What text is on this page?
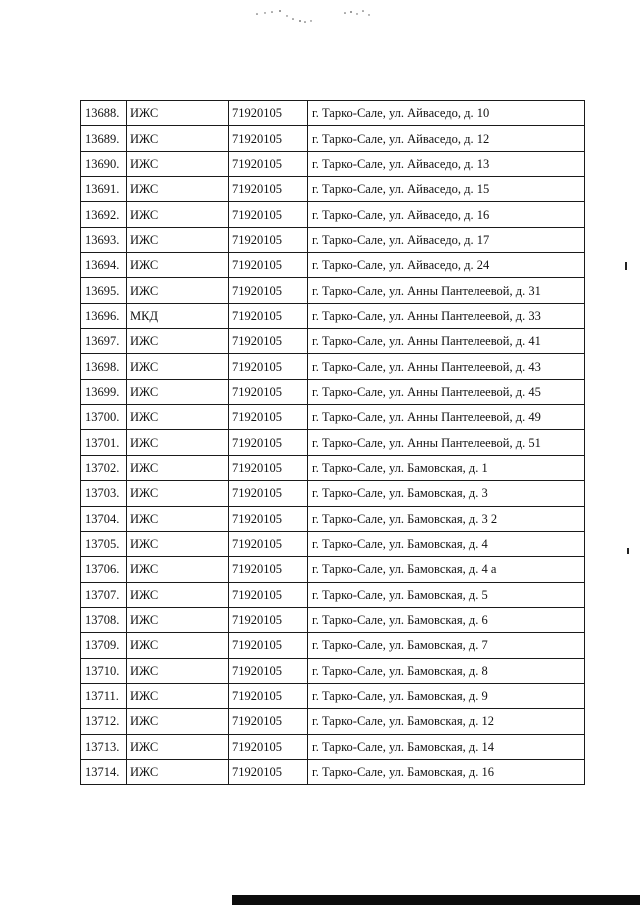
13688.	ИЖС	71920105	г. Тарко-Сале, ул. Айваседо, д. 10
13689.	ИЖС	71920105	г. Тарко-Сале, ул. Айваседо, д. 12
13690.	ИЖС	71920105	г. Тарко-Сале, ул. Айваседо, д. 13
13691.	ИЖС	71920105	г. Тарко-Сале, ул. Айваседо, д. 15
13692.	ИЖС	71920105	г. Тарко-Сале, ул. Айваседо, д. 16
13693.	ИЖС	71920105	г. Тарко-Сале, ул. Айваседо, д. 17
13694.	ИЖС	71920105	г. Тарко-Сале, ул. Айваседо, д. 24
13695.	ИЖС	71920105	г. Тарко-Сале, ул. Анны Пантелеевой, д. 31
13696.	МКД	71920105	г. Тарко-Сале, ул. Анны Пантелеевой, д. 33
13697.	ИЖС	71920105	г. Тарко-Сале, ул. Анны Пантелеевой, д. 41
13698.	ИЖС	71920105	г. Тарко-Сале, ул. Анны Пантелеевой, д. 43
13699.	ИЖС	71920105	г. Тарко-Сале, ул. Анны Пантелеевой, д. 45
13700.	ИЖС	71920105	г. Тарко-Сале, ул. Анны Пантелеевой, д. 49
13701.	ИЖС	71920105	г. Тарко-Сале, ул. Анны Пантелеевой, д. 51
13702.	ИЖС	71920105	г. Тарко-Сале, ул. Бамовская, д. 1
13703.	ИЖС	71920105	г. Тарко-Сале, ул. Бамовская, д. 3
13704.	ИЖС	71920105	г. Тарко-Сале, ул. Бамовская, д. 3 2
13705.	ИЖС	71920105	г. Тарко-Сале, ул. Бамовская, д. 4
13706.	ИЖС	71920105	г. Тарко-Сале, ул. Бамовская, д. 4 а
13707.	ИЖС	71920105	г. Тарко-Сале, ул. Бамовская, д. 5
13708.	ИЖС	71920105	г. Тарко-Сале, ул. Бамовская, д. 6
13709.	ИЖС	71920105	г. Тарко-Сале, ул. Бамовская, д. 7
13710.	ИЖС	71920105	г. Тарко-Сале, ул. Бамовская, д. 8
13711.	ИЖС	71920105	г. Тарко-Сале, ул. Бамовская, д. 9
13712.	ИЖС	71920105	г. Тарко-Сале, ул. Бамовская, д. 12
13713.	ИЖС	71920105	г. Тарко-Сале, ул. Бамовская, д. 14
13714.	ИЖС	71920105	г. Тарко-Сале, ул. Бамовская, д. 16
